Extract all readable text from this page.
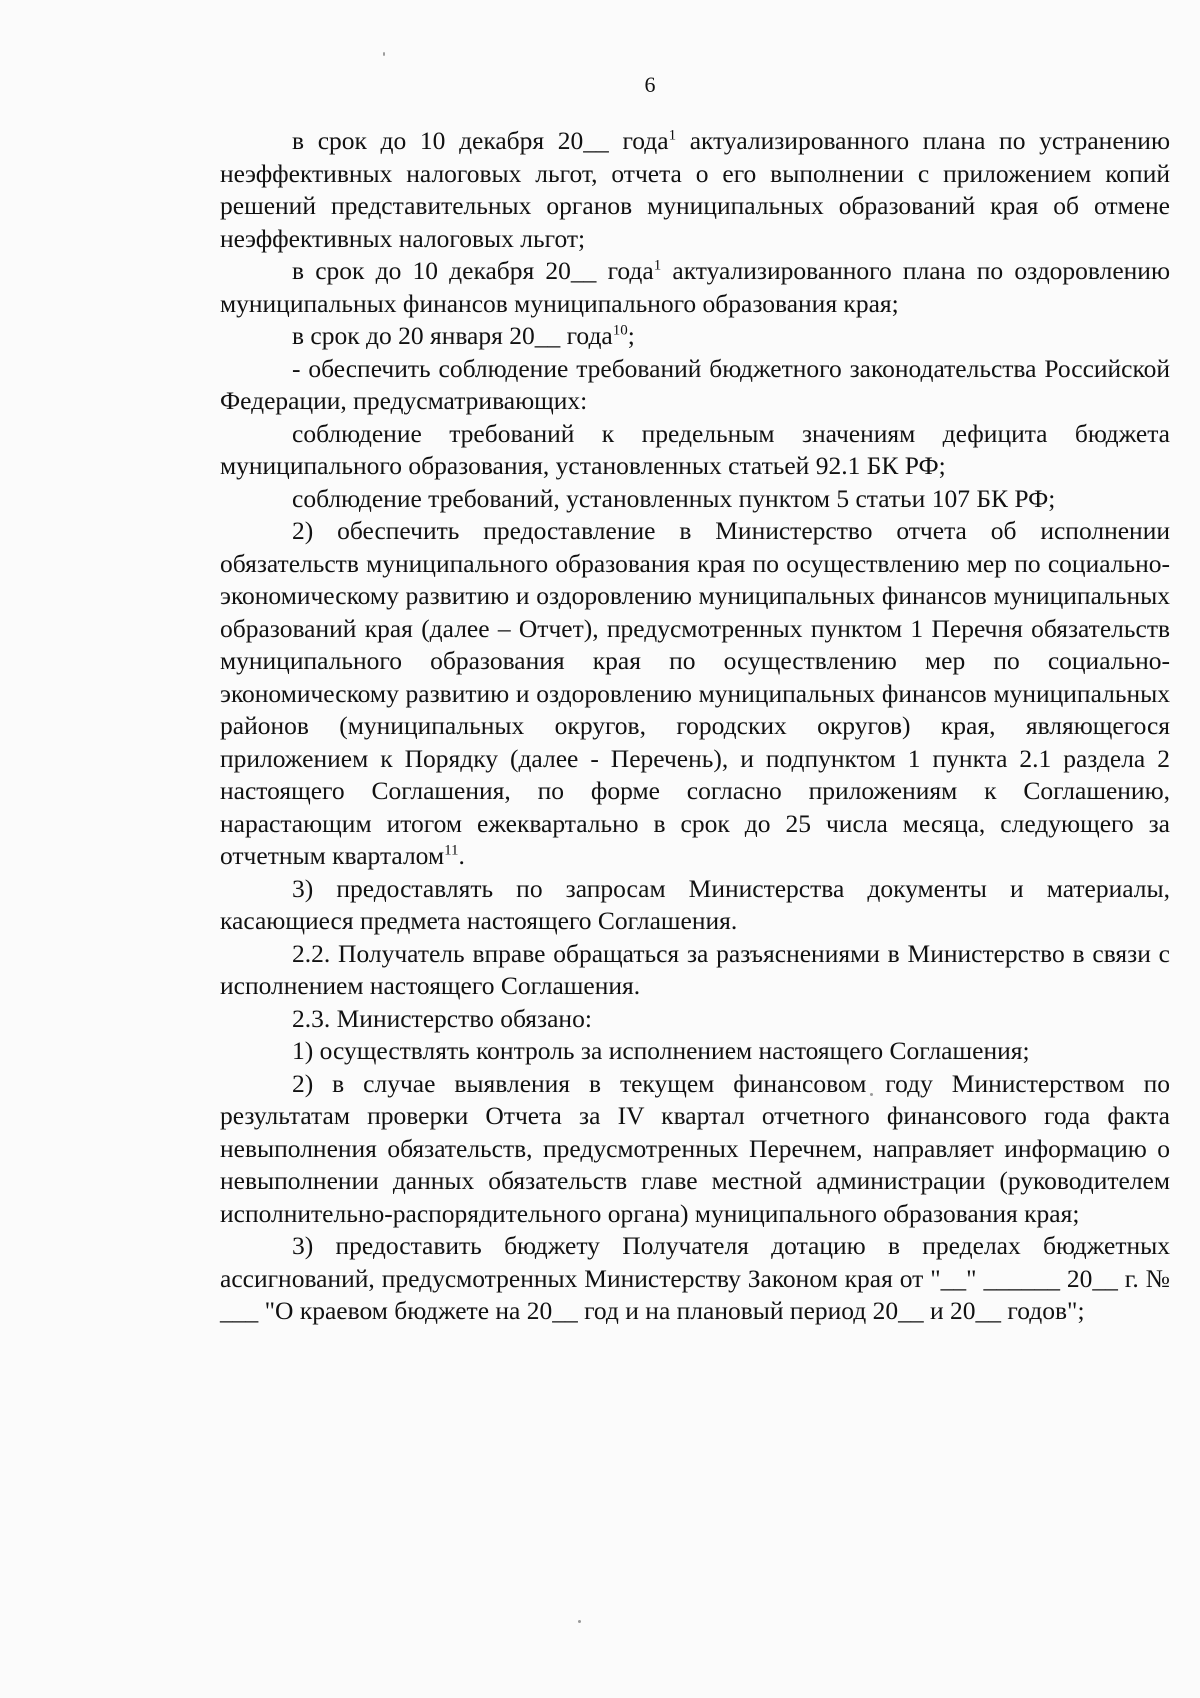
6

в срок до 10 декабря 20__ года$^1$ актуализированного плана по устранению неэффективных налоговых льгот, отчета о его выполнении с приложением копий решений представительных органов муниципальных образований края об отмене неэффективных налоговых льгот;

в срок до 10 декабря 20__ года$^1$ актуализированного плана по оздоровлению муниципальных финансов муниципального образования края;

в срок до 20 января 20__ года$^{10}$;

- обеспечить соблюдение требований бюджетного законодательства Российской Федерации, предусматривающих:

соблюдение требований к предельным значениям дефицита бюджета муниципального образования, установленных статьей 92.1 БК РФ;

соблюдение требований, установленных пунктом 5 статьи 107 БК РФ;

2) обеспечить предоставление в Министерство отчета об исполнении обязательств муниципального образования края по осуществлению мер по социально-экономическому развитию и оздоровлению муниципальных финансов муниципальных образований края (далее – Отчет), предусмотренных пунктом 1 Перечня обязательств муниципального образования края по осуществлению мер по социально-экономическому развитию и оздоровлению муниципальных финансов муниципальных районов (муниципальных округов, городских округов) края, являющегося приложением к Порядку (далее - Перечень), и подпунктом 1 пункта 2.1 раздела 2 настоящего Соглашения, по форме согласно приложениям к Соглашению, нарастающим итогом ежеквартально в срок до 25 числа месяца, следующего за отчетным кварталом$^{11}$.

3) предоставлять по запросам Министерства документы и материалы, касающиеся предмета настоящего Соглашения.

2.2. Получатель вправе обращаться за разъяснениями в Министерство в связи с исполнением настоящего Соглашения.

2.3. Министерство обязано:

1) осуществлять контроль за исполнением настоящего Соглашения;

2) в случае выявления в текущем финансовом году Министерством по результатам проверки Отчета за IV квартал отчетного финансового года факта невыполнения обязательств, предусмотренных Перечнем, направляет информацию о невыполнении данных обязательств главе местной администрации (руководителем исполнительно-распорядительного органа) муниципального образования края;

3) предоставить бюджету Получателя дотацию в пределах бюджетных ассигнований, предусмотренных Министерству Законом края от "__" ______ 20__ г. № ___ "О краевом бюджете на 20__ год и на плановый период 20__ и 20__ годов";
